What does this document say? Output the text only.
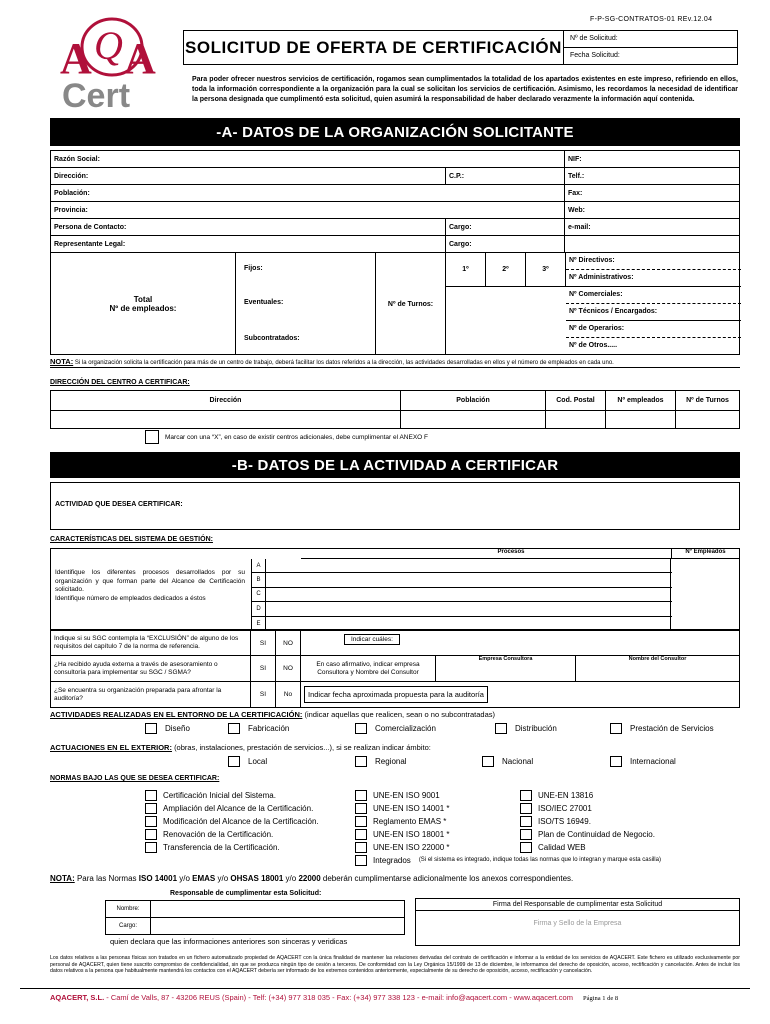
A A
Q
Cert
F-P-SG-CONTRATOS-01 REv.12.04
SOLICITUD DE OFERTA DE CERTIFICACIÓN	Nº de Solicitud:
Fecha Solicitud:
Para poder ofrecer nuestros servicios de certificación, rogamos sean cumplimentados la totalidad de los apartados existentes en este impreso, refiriendo en ellos, toda la información correspondiente a la organización para la cual se solicitan los servicios de certificación. Asimismo, les recordamos la necesidad de identificar la persona designada que cumplimentó esta solicitud, quien asumirá la responsabilidad de haber declarado verazmente la información aquí contenida.
-A- DATOS DE LA ORGANIZACIÓN SOLICITANTE
Razón Social:		NIF:
Dirección:	C.P.:	Telf.:
Población:		Fax:
Provincia:		Web:
Persona de Contacto:	Cargo:	e-mail:
Representante Legal:	Cargo:	
Total
Nº de empleados:
Fijos:
Eventuales:
Subcontratados:
Nº de Turnos:
1º	2º	3º
Nº Directivos:
Nº Administrativos:
Nº Comerciales:
Nº Técnicos / Encargados:
Nº de Operarios:
Nº de Otros.....
NOTA: Si la organización solicita la certificación para más de un centro de trabajo, deberá facilitar los datos referidos a la dirección, las actividades desarrolladas en ellos y el número de empleados en cada uno.
DIRECCIÓN DEL CENTRO A CERTIFICAR:
Dirección	Población	Cod. Postal	Nº empleados	Nº de Turnos

Marcar con una “X”, en caso de existir centros adicionales, debe cumplimentar el ANEXO F
-B- DATOS DE LA ACTIVIDAD A CERTIFICAR
ACTIVIDAD QUE DESEA CERTIFICAR:
CARACTERÍSTICAS DEL SISTEMA DE GESTIÓN:
Procesos	Nº Empleados
Identifique los diferentes procesos desarrollados por su organización y que forman parte del Alcance de Certificación solicitado.
Identifique número de empleados dedicados a éstos
A
B
C
D
E
Indique si su SGC contempla la “EXCLUSIÓN” de alguno de los requisitos del capítulo 7 de la norma de referencia.	SI	NO	Indicar cuáles:		
¿Ha recibido ayuda externa a través de asesoramiento o consultoría para implementar su SGC / SGMA?	SI	NO	En caso afirmativo, indicar empresa Consultora y Nombre del Consultor	Empresa Consultora	Nombre del Consultor
¿Se encuentra su organización preparada para afrontar la auditoría?	SI	No	Indicar fecha aproximada propuesta para la auditoría		
ACTIVIDADES REALIZADAS EN EL ENTORNO DE LA CERTIFICACIÓN: (indicar aquellas que realicen, sean o no subcontratadas)
Diseño	Fabricación	Comercialización	Distribución	Prestación de Servicios
ACTUACIONES EN EL EXTERIOR: (obras, instalaciones, prestación de servicios...), si se realizan indicar ámbito:
Local	Regional	Nacional	Internacional
NORMAS BAJO LAS QUE SE DESEA CERTIFICAR:
Certificación Inicial del Sistema.
Ampliación del Alcance de la Certificación.
Modificación del Alcance de la Certificación.
Renovación de la Certificación.
Transferencia de la Certificación.
UNE-EN ISO 9001
UNE-EN ISO 14001 *
Reglamento EMAS *
UNE-EN ISO 18001 *
UNE-EN ISO 22000 *
UNE-EN 13816
ISO/IEC 27001
ISO/TS 16949.
Plan de Continuidad de Negocio.
Calidad WEB
Integrados (Si el sistema es integrado, indique todas las normas que lo integran y marque esta casilla)
NOTA: Para las Normas ISO 14001 y/o EMAS y/o OHSAS 18001 y/o 22000 deberán cumplimentarse adicionalmente los anexos correspondientes.
Responsable de cumplimentar esta Solicitud:
Nombre:	
Cargo:	
quien declara que las informaciones anteriores son sinceras y veridicas
Firma del Responsable de cumplimentar esta Solicitud
Firma y Sello de la Empresa
Los datos relativos a las personas físicas son tratados en un fichero automatizado propiedad de AQACERT con la única finalidad de mantener las relaciones derivadas del contrato de certificación e informar a la entidad de los servicios de AQACERT. Este fichero es utilizado exclusivamente por personal de AQACERT, quien tiene suscrito compromiso de confidencialidad, sin que se produzca ningún tipo de cesión a terceros. De conformidad con la Ley Orgánica 15/1999 de 13 de diciembre, le informamos del derecho de oposición, acceso, rectificación y cancelación. Antes de incluir los datos relativos a la persona que habitualmente mantendrá los contactos con el AQACERT debería ser informado de los extremos contenidos anteriormente, especialmente de su derecho de oposición, acceso, rectificación y cancelación.
AQACERT, S.L. - Camí de Valls, 87 - 43206 REUS (Spain) - Telf: (+34) 977 318 035 - Fax: (+34) 977 338 123 - e-mail: info@aqacert.com - www.aqacert.com Página 1 de 8
